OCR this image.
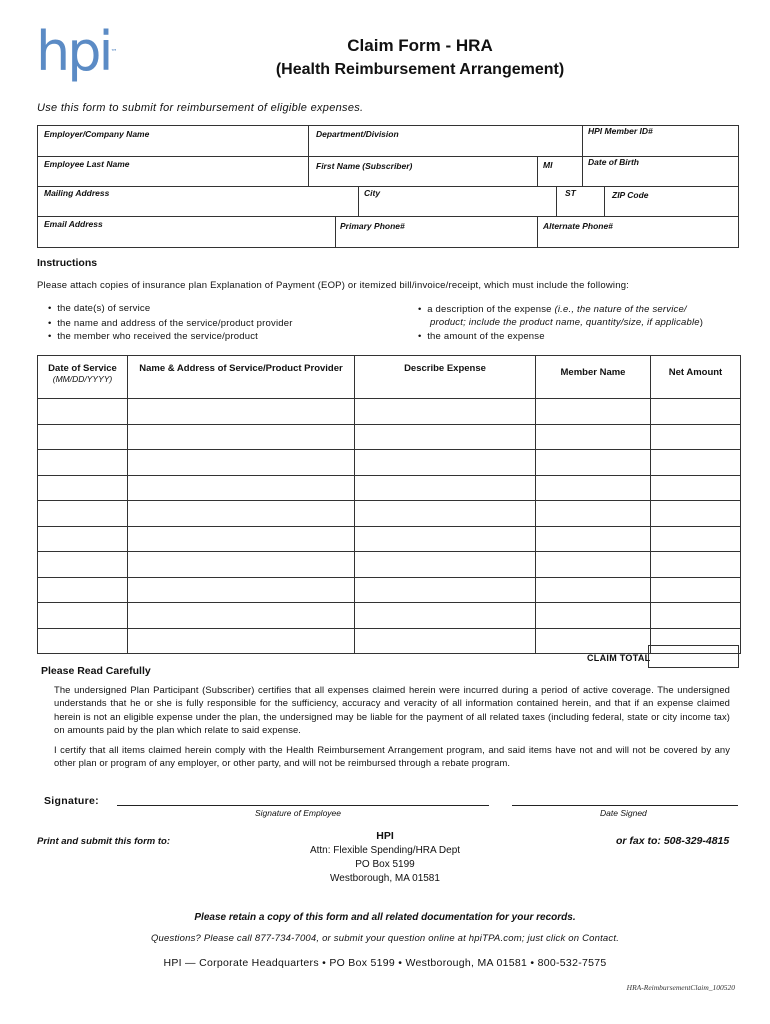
hpi™	Claim Form - HRA
(Health Reimbursement Arrangement)
Use this form to submit for reimbursement of eligible expenses.
Employer/Company Name	Department/Division	HPI Member ID#
Employee Last Name	First Name (Subscriber)	MI	Date of Birth
Mailing Address	City	ST	ZIP Code
Email Address	Primary Phone#	Alternate Phone#
Instructions
Please attach copies of insurance plan Explanation of Payment (EOP) or itemized bill/invoice/receipt, which must include the following:
•  the date(s) of service
•  the name and address of the service/product provider
•  the member who received the service/product
•  a description of the expense (i.e., the nature of the service/
product; include the product name, quantity/size, if applicable)
•  the amount of the expense
Date of Service
(MM/DD/YYYY)	Name & Address of Service/Product Provider	Describe Expense	Member Name	Net Amount

CLAIM TOTAL
Please Read Carefully
The undersigned Plan Participant (Subscriber) certifies that all expenses claimed herein were incurred during a period of active coverage. The undersigned understands that he or she is fully responsible for the sufficiency, accuracy and veracity of all information contained herein, and that if an expense claimed herein is not an eligible expense under the plan, the undersigned may be liable for the payment of all related taxes (including federal, state or city income tax) on amounts paid by the plan which relate to said expense.
I certify that all items claimed herein comply with the Health Reimbursement Arrangement program, and said items have not and will not be covered by any other plan or program of any employer, or other party, and will not be reimbursed through a rebate program.
Signature:
Signature of Employee	Date Signed
Print and submit this form to:	HPI
Attn: Flexible Spending/HRA Dept
PO Box 5199
Westborough, MA 01581
or fax to: 508-329-4815
Please retain a copy of this form and all related documentation for your records.
Questions? Please call 877-734-7004, or submit your question online at hpiTPA.com; just click on Contact.
HPI — Corporate Headquarters • PO Box 5199 • Westborough, MA 01581 • 800-532-7575
HRA-ReimbursementClaim_100520
